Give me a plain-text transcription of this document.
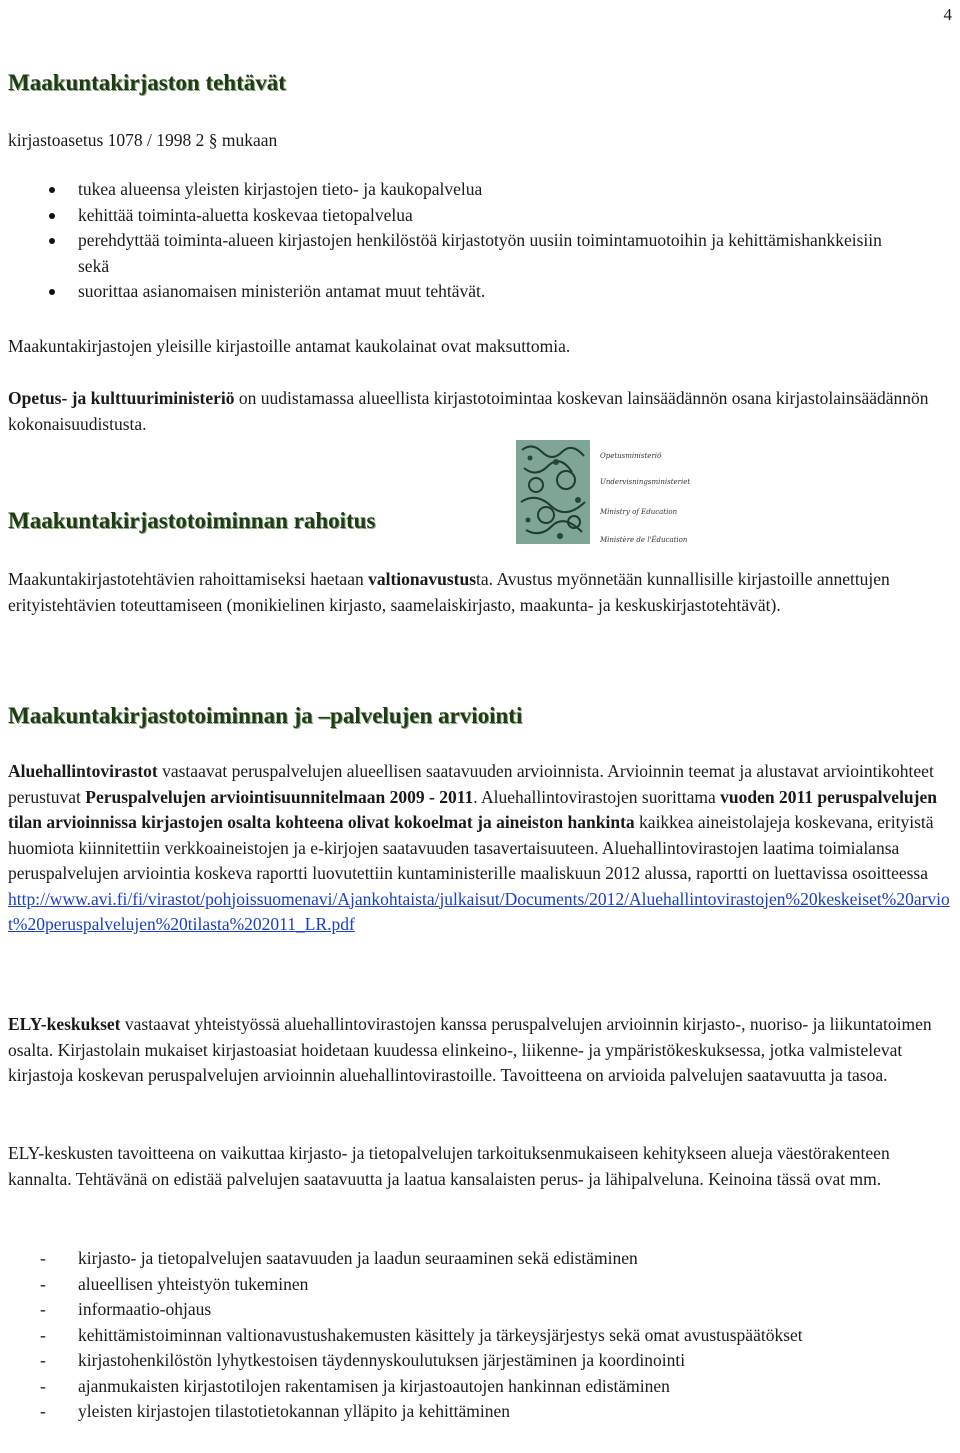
4
Maakuntakirjaston tehtävät

kirjastoasetus 1078 / 1998 2 § mukaan

tukea alueensa yleisten kirjastojen tieto- ja kaukopalvelua
kehittää toiminta-aluetta koskevaa tietopalvelua
perehdyttää toiminta-alueen kirjastojen henkilöstöä kirjastotyön uusiin toimintamuotoihin ja kehittämishankkeisiin sekä
suorittaa asianomaisen ministeriön antamat muut tehtävät.

Maakuntakirjastojen yleisille kirjastoille antamat kaukolainat ovat maksuttomia.

Opetus- ja kulttuuriministeriö on uudistamassa alueellista kirjastotoimintaa koskevan lainsäädännön osana kirjastolainsäädännön kokonaisuudistusta.

Opetusministeriö
Undervisningsministeriet
Ministry of Education
Ministère de l'Éducation
Maakuntakirjastotoiminnan rahoitus

Maakuntakirjastotehtävien rahoittamiseksi haetaan valtionavustusta. Avustus myönnetään kunnallisille kirjastoille annettujen erityistehtävien toteuttamiseen (monikielinen kirjasto, saamelaiskirjasto, maakunta- ja keskuskirjastotehtävät).

Maakuntakirjastotoiminnan ja –palvelujen arviointi

Aluehallintovirastot vastaavat peruspalvelujen alueellisen saatavuuden arvioinnista. Arvioinnin teemat ja alustavat arviointikohteet perustuvat Peruspalvelujen arviointisuunnitelmaan 2009 - 2011. Aluehallintovirastojen suorittama vuoden 2011 peruspalvelujen tilan arvioinnissa kirjastojen osalta kohteena olivat kokoelmat ja aineiston hankinta kaikkea aineistolajeja koskevana, erityistä huomiota kiinnitettiin verkkoaineistojen ja e-kirjojen saatavuuden tasavertaisuuteen. Aluehallintovirastojen laatima toimialansa peruspalvelujen arviointia koskeva raportti luovutettiin kuntaministerille maaliskuun 2012 alussa, raportti on luettavissa osoitteessa
http://www.avi.fi/fi/virastot/pohjoissuomenavi/Ajankohtaista/julkaisut/Documents/2012/Aluehallintovirastojen%20keskeiset%20arviot%20peruspalvelujen%20tilasta%202011_LR.pdf

ELY-keskukset vastaavat yhteistyössä aluehallintovirastojen kanssa peruspalvelujen arvioinnin kirjasto-, nuoriso- ja liikuntatoimen osalta. Kirjastolain mukaiset kirjastoasiat hoidetaan kuudessa elinkeino-, liikenne- ja ympäristökeskuksessa, jotka valmistelevat kirjastoja koskevan peruspalvelujen arvioinnin aluehallintovirastoille. Tavoitteena on arvioida palvelujen saatavuutta ja tasoa.

ELY-keskusten tavoitteena on vaikuttaa kirjasto- ja tietopalvelujen tarkoituksenmukaiseen kehitykseen alueja väestörakenteen kannalta. Tehtävänä on edistää palvelujen saatavuutta ja laatua kansalaisten perus- ja lähipalveluna. Keinoina tässä ovat mm.

- kirjasto- ja tietopalvelujen saatavuuden ja laadun seuraaminen sekä edistäminen
- alueellisen yhteistyön tukeminen
- informaatio-ohjaus
- kehittämistoiminnan valtionavustushakemusten käsittely ja tärkeysjärjestys sekä omat avustuspäätökset
- kirjastohenkilöstön lyhytkestoisen täydennyskoulutuksen järjestäminen ja koordinointi
- ajanmukaisten kirjastotilojen rakentamisen ja kirjastoautojen hankinnan edistäminen
- yleisten kirjastojen tilastotietokannan ylläpito ja kehittäminen
